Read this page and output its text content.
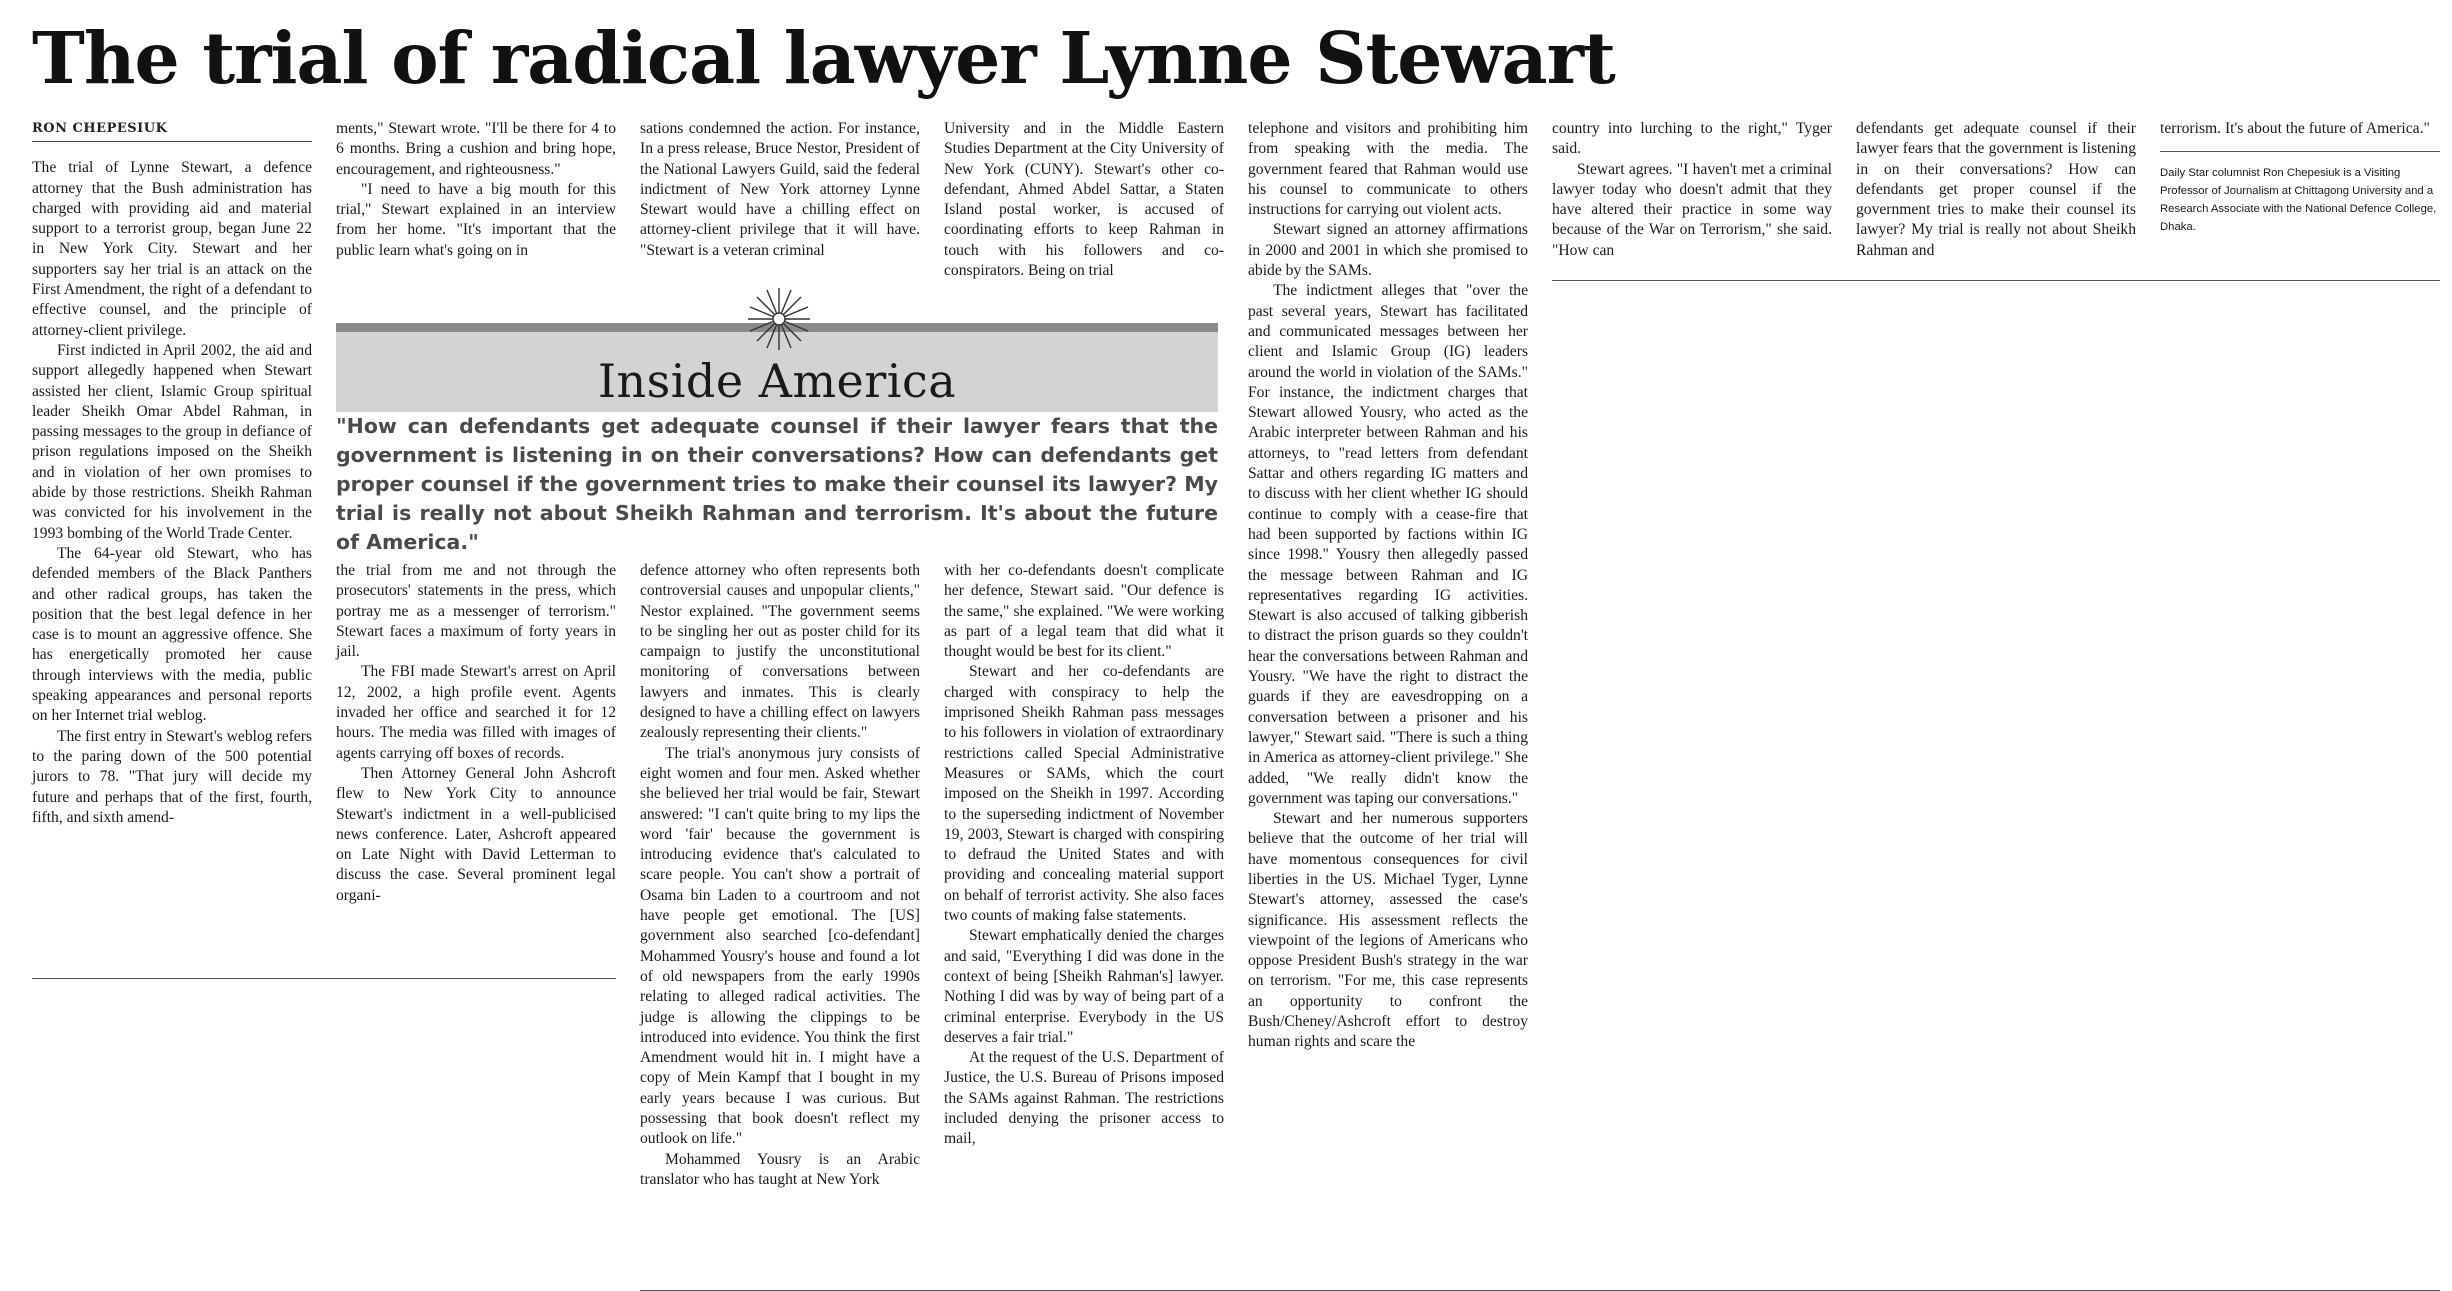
The trial of radical lawyer Lynne Stewart
RON CHEPESIUK

The trial of Lynne Stewart, a defence attorney that the Bush administration has charged with providing aid and material support to a terrorist group, began June 22 in New York City. Stewart and her supporters say her trial is an attack on the First Amendment, the right of a defendant to effective counsel, and the principle of attorney-client privilege.

First indicted in April 2002, the aid and support allegedly happened when Stewart assisted her client, Islamic Group spiritual leader Sheikh Omar Abdel Rahman, in passing messages to the group in defiance of prison regulations imposed on the Sheikh and in violation of her own promises to abide by those restrictions. Sheikh Rahman was convicted for his involvement in the 1993 bombing of the World Trade Center.

The 64-year old Stewart, who has defended members of the Black Panthers and other radical groups, has taken the position that the best legal defence in her case is to mount an aggressive offence. She has energetically promoted her cause through interviews with the media, public speaking appearances and personal reports on her Internet trial weblog.

The first entry in Stewart's weblog refers to the paring down of the 500 potential jurors to 78. "That jury will decide my future and perhaps that of the first, fourth, fifth, and sixth amend-

ments," Stewart wrote. "I'll be there for 4 to 6 months. Bring a cushion and bring hope, encouragement, and righteousness."

"I need to have a big mouth for this trial," Stewart explained in an interview from her home. "It's important that the public learn what's going on in

sations condemned the action. For instance, In a press release, Bruce Nestor, President of the National Lawyers Guild, said the federal indictment of New York attorney Lynne Stewart would have a chilling effect on attorney-client privilege that it will have. "Stewart is a veteran criminal

University and in the Middle Eastern Studies Department at the City University of New York (CUNY). Stewart's other co-defendant, Ahmed Abdel Sattar, a Staten Island postal worker, is accused of coordinating efforts to keep Rahman in touch with his followers and co-conspirators. Being on trial

Inside America

"How can defendants get adequate counsel if their lawyer fears that the government is listening in on their conversations? How can defendants get proper counsel if the government tries to make their counsel its lawyer? My trial is really not about Sheikh Rahman and terrorism. It's about the future of America."

the trial from me and not through the prosecutors' statements in the press, which portray me as a messenger of terrorism." Stewart faces a maximum of forty years in jail.

The FBI made Stewart's arrest on April 12, 2002, a high profile event. Agents invaded her office and searched it for 12 hours. The media was filled with images of agents carrying off boxes of records.

Then Attorney General John Ashcroft flew to New York City to announce Stewart's indictment in a well-publicised news conference. Later, Ashcroft appeared on Late Night with David Letterman to discuss the case. Several prominent legal organi-

defence attorney who often represents both controversial causes and unpopular clients," Nestor explained. "The government seems to be singling her out as poster child for its campaign to justify the unconstitutional monitoring of conversations between lawyers and inmates. This is clearly designed to have a chilling effect on lawyers zealously representing their clients."

The trial's anonymous jury consists of eight women and four men. Asked whether she believed her trial would be fair, Stewart answered: "I can't quite bring to my lips the word 'fair' because the government is introducing evidence that's calculated to scare people. You can't show a portrait of Osama bin Laden to a courtroom and not have people get emotional. The [US] government also searched [co-defendant] Mohammed Yousry's house and found a lot of old newspapers from the early 1990s relating to alleged radical activities. The judge is allowing the clippings to be introduced into evidence. You think the first Amendment would hit in. I might have a copy of Mein Kampf that I bought in my early years because I was curious. But possessing that book doesn't reflect my outlook on life."

Mohammed Yousry is an Arabic translator who has taught at New York

with her co-defendants doesn't complicate her defence, Stewart said. "Our defence is the same," she explained. "We were working as part of a legal team that did what it thought would be best for its client."

Stewart and her co-defendants are charged with conspiracy to help the imprisoned Sheikh Rahman pass messages to his followers in violation of extraordinary restrictions called Special Administrative Measures or SAMs, which the court imposed on the Sheikh in 1997. According to the superseding indictment of November 19, 2003, Stewart is charged with conspiring to defraud the United States and with providing and concealing material support on behalf of terrorist activity. She also faces two counts of making false statements.

Stewart emphatically denied the charges and said, "Everything I did was done in the context of being [Sheikh Rahman's] lawyer. Nothing I did was by way of being part of a criminal enterprise. Everybody in the US deserves a fair trial."

At the request of the U.S. Department of Justice, the U.S. Bureau of Prisons imposed the SAMs against Rahman. The restrictions included denying the prisoner access to mail,

telephone and visitors and prohibiting him from speaking with the media. The government feared that Rahman would use his counsel to communicate to others instructions for carrying out violent acts.

Stewart signed an attorney affirmations in 2000 and 2001 in which she promised to abide by the SAMs.

The indictment alleges that "over the past several years, Stewart has facilitated and communicated messages between her client and Islamic Group (IG) leaders around the world in violation of the SAMs." For instance, the indictment charges that Stewart allowed Yousry, who acted as the Arabic interpreter between Rahman and his attorneys, to "read letters from defendant Sattar and others regarding IG matters and to discuss with her client whether IG should continue to comply with a cease-fire that had been supported by factions within IG since 1998." Yousry then allegedly passed the message between Rahman and IG representatives regarding IG activities. Stewart is also accused of talking gibberish to distract the prison guards so they couldn't hear the conversations between Rahman and Yousry. "We have the right to distract the guards if they are eavesdropping on a conversation between a prisoner and his lawyer," Stewart said. "There is such a thing in America as attorney-client privilege." She added, "We really didn't know the government was taping our conversations."

Stewart and her numerous supporters believe that the outcome of her trial will have momentous consequences for civil liberties in the US. Michael Tyger, Lynne Stewart's attorney, assessed the case's significance. His assessment reflects the viewpoint of the legions of Americans who oppose President Bush's strategy in the war on terrorism. "For me, this case represents an opportunity to confront the Bush/Cheney/Ashcroft effort to destroy human rights and scare the

country into lurching to the right," Tyger said.

Stewart agrees. "I haven't met a criminal lawyer today who doesn't admit that they have altered their practice in some way because of the War on Terrorism," she said. "How can

defendants get adequate counsel if their lawyer fears that the government is listening in on their conversations? How can defendants get proper counsel if the government tries to make their counsel its lawyer? My trial is really not about Sheikh Rahman and

terrorism. It's about the future of America."

Daily Star columnist Ron Chepesiuk is a Visiting Professor of Journalism at Chittagong University and a Research Associate with the National Defence College, Dhaka.
